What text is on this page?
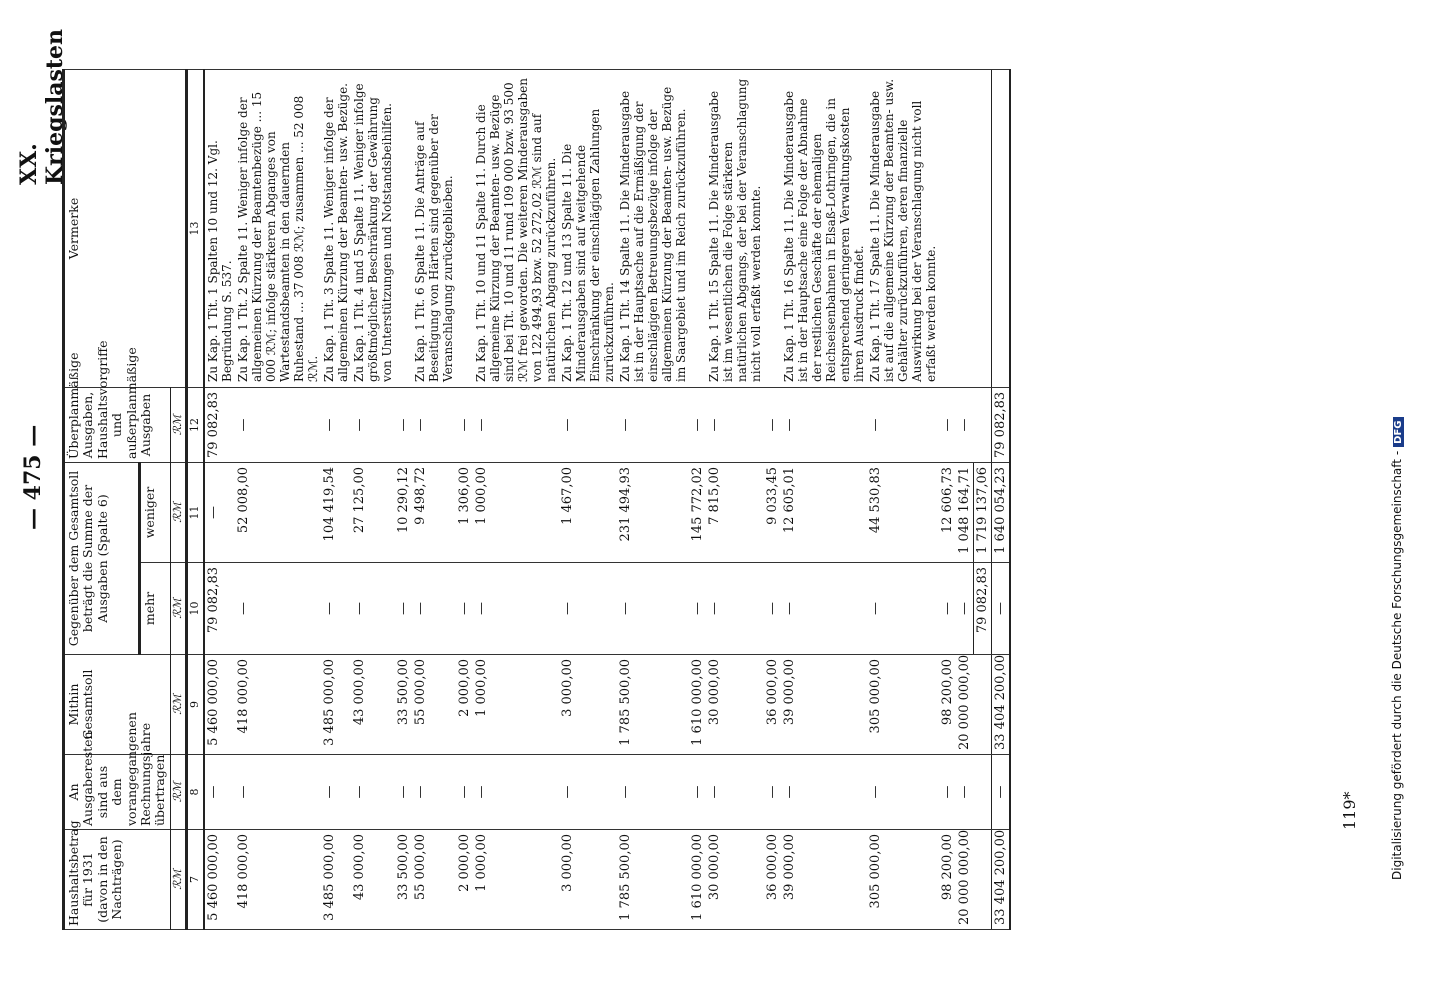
— 475 —
XX. Kriegslasten
Haushaltsbetrag für 1931 (davon in den Nachträgen)	An Ausgaberesten sind aus dem vorangegangenen Rechnungsjahre übertragen	Mithin Gesamtsoll	Gegenüber dem Gesamtsoll beträgt die Summe der Ausgaben (Spalte 6)		Überplanmäßige Ausgaben, Haushaltsvorgriffe und außerplanmäßige Ausgaben	Vermerke
			mehr	weniger		
ℛℳ	ℛℳ	ℛℳ	ℛℳ	ℛℳ	ℛℳ	
7	8	9	10	11	12	13
5 460 000,00	—	5 460 000,00	79 082,83	—	79 082,83	Zu Kap. 1 Tit. 1 Spalten 10 und 12. Vgl. Begründung S. 537.
418 000,00	—	418 000,00	—	52 008,00	—	Zu Kap. 1 Tit. 2 Spalte 11. Weniger infolge der allgemeinen Kürzung der Beamtenbezüge ... 15 000 ℛℳ; infolge stärkeren Abganges von Wartestandsbeamten in den dauernden Ruhestand ... 37 008 ℛℳ; zusammen ... 52 008 ℛℳ.
3 485 000,00	—	3 485 000,00	—	104 419,54	—	Zu Kap. 1 Tit. 3 Spalte 11. Weniger infolge der allgemeinen Kürzung der Beamten- usw. Bezüge.
43 000,00	—	43 000,00	—	27 125,00	—	Zu Kap. 1 Tit. 4 und 5 Spalte 11. Weniger infolge größtmöglicher Beschränkung der Gewährung von Unterstützungen und Notstandsbeihilfen.
33 500,00	—	33 500,00	—	10 290,12	—	
55 000,00	—	55 000,00	—	9 498,72	—	Zu Kap. 1 Tit. 6 Spalte 11. Die Anträge auf Beseitigung von Härten sind gegenüber der Veranschlagung zurückgeblieben.
2 000,00	—	2 000,00	—	1 306,00	—	
1 000,00	—	1 000,00	—	1 000,00	—	Zu Kap. 1 Tit. 10 und 11 Spalte 11. Durch die allgemeine Kürzung der Beamten- usw. Bezüge sind bei Tit. 10 und 11 rund 109 000 bzw. 93 500 ℛℳ frei geworden. Die weiteren Minderausgaben von 122 494,93 bzw. 52 272,02 ℛℳ sind auf natürlichen Abgang zurückzuführen.
3 000,00	—	3 000,00	—	1 467,00	—	Zu Kap. 1 Tit. 12 und 13 Spalte 11. Die Minderausgaben sind auf weitgehende Einschränkung der einschlägigen Zahlungen zurückzuführen.
1 785 500,00	—	1 785 500,00	—	231 494,93	—	Zu Kap. 1 Tit. 14 Spalte 11. Die Minderausgabe ist in der Hauptsache auf die Ermäßigung der einschlägigen Betreuungsbezüge infolge der allgemeinen Kürzung der Beamten- usw. Bezüge im Saargebiet und im Reich zurückzuführen.
1 610 000,00	—	1 610 000,00	—	145 772,02	—	
30 000,00	—	30 000,00	—	7 815,00	—	Zu Kap. 1 Tit. 15 Spalte 11. Die Minderausgabe ist im wesentlichen die Folge stärkeren natürlichen Abgangs, der bei der Veranschlagung nicht voll erfaßt werden konnte.
36 000,00	—	36 000,00	—	9 033,45	—	
39 000,00	—	39 000,00	—	12 605,01	—	Zu Kap. 1 Tit. 16 Spalte 11. Die Minderausgabe ist in der Hauptsache eine Folge der Abnahme der restlichen Geschäfte der ehemaligen Reichseisenbahnen in Elsaß-Lothringen, die in entsprechend geringeren Verwaltungskosten ihren Ausdruck findet.
305 000,00	—	305 000,00	—	44 530,83	—	Zu Kap. 1 Tit. 17 Spalte 11. Die Minderausgabe ist auf die allgemeine Kürzung der Beamten- usw. Gehälter zurückzuführen, deren finanzielle Auswirkung bei der Veranschlagung nicht voll erfaßt werden konnte.
98 200,00	—	98 200,00	—	12 606,73	—	
20 000 000,00	—	20 000 000,00	—	1 048 164,71	—	
			79 082,83	1 719 137,06		
33 404 200,00	—	33 404 200,00	—	1 640 054,23	79 082,83	
119*	Digitalisierung gefördert durch die Deutsche Forschungsgemeinschaft -DFG
